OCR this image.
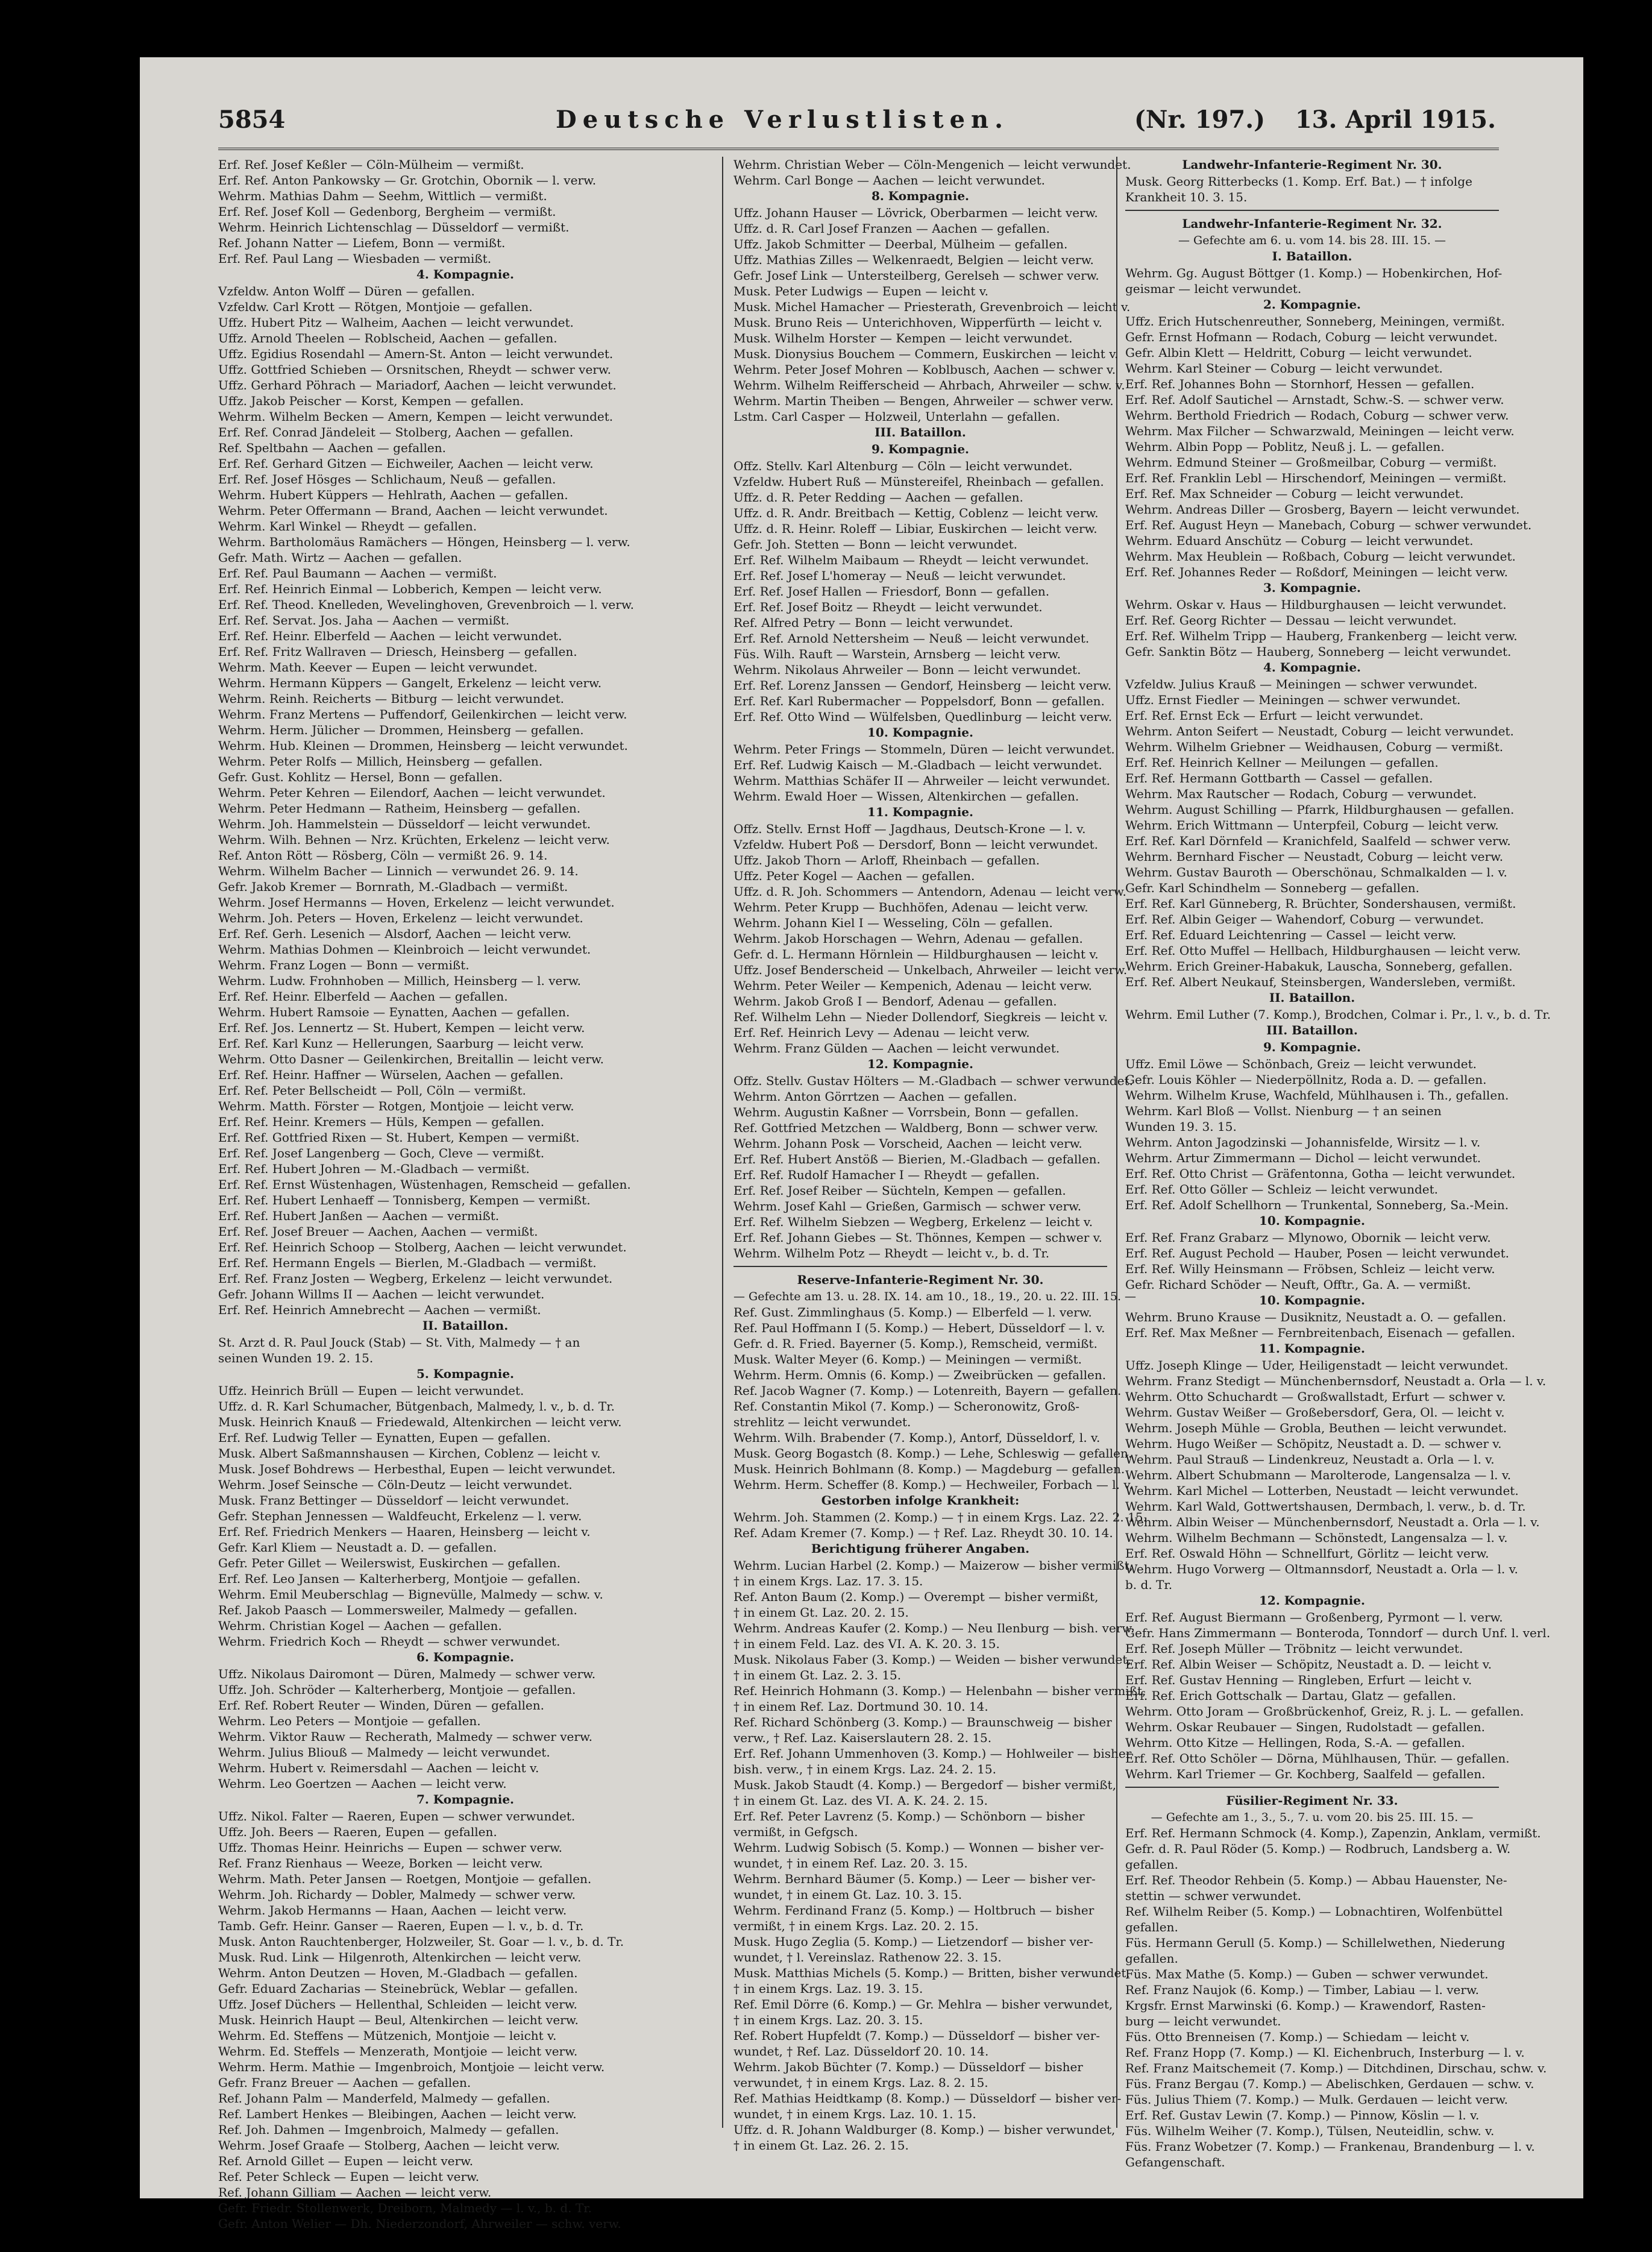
5854	Deutsche Verlustlisten.	(Nr. 197.) 13. April 1915.
Erf. Ref. Josef Keßler — Cöln-Mülheim — vermißt.
Erf. Ref. Anton Pankowsky — Gr. Grotchin, Obornik — l. verw.
Wehrm. Mathias Dahm — Seehm, Wittlich — vermißt.
Erf. Ref. Josef Koll — Gedenborg, Bergheim — vermißt.
Wehrm. Heinrich Lichtenschlag — Düsseldorf — vermißt.
Ref. Johann Natter — Liefem, Bonn — vermißt.
Erf. Ref. Paul Lang — Wiesbaden — vermißt.
4. Kompagnie.
Vzfeldw. Anton Wolff — Düren — gefallen.
Vzfeldw. Carl Krott — Rötgen, Montjoie — gefallen.
Uffz. Hubert Pitz — Walheim, Aachen — leicht verwundet.
Uffz. Arnold Theelen — Roblscheid, Aachen — gefallen.
Uffz. Egidius Rosendahl — Amern-St. Anton — leicht verwundet.
Uffz. Gottfried Schieben — Orsnitschen, Rheydt — schwer verw.
Uffz. Gerhard Pöhrach — Mariadorf, Aachen — leicht verwundet.
Uffz. Jakob Peischer — Korst, Kempen — gefallen.
Wehrm. Wilhelm Becken — Amern, Kempen — leicht verwundet.
Erf. Ref. Conrad Jändeleit — Stolberg, Aachen — gefallen.
Ref. Speltbahn — Aachen — gefallen.
Erf. Ref. Gerhard Gitzen — Eichweiler, Aachen — leicht verw.
Erf. Ref. Josef Hösges — Schlichaum, Neuß — gefallen.
Wehrm. Hubert Küppers — Hehlrath, Aachen — gefallen.
Wehrm. Peter Offermann — Brand, Aachen — leicht verwundet.
Wehrm. Karl Winkel — Rheydt — gefallen.
Wehrm. Bartholomäus Ramächers — Höngen, Heinsberg — l. verw.
Gefr. Math. Wirtz — Aachen — gefallen.
Erf. Ref. Paul Baumann — Aachen — vermißt.
Erf. Ref. Heinrich Einmal — Lobberich, Kempen — leicht verw.
Erf. Ref. Theod. Knelleden, Wevelinghoven, Grevenbroich — l. verw.
Erf. Ref. Servat. Jos. Jaha — Aachen — vermißt.
Erf. Ref. Heinr. Elberfeld — Aachen — leicht verwundet.
Erf. Ref. Fritz Wallraven — Driesch, Heinsberg — gefallen.
Wehrm. Math. Keever — Eupen — leicht verwundet.
Wehrm. Hermann Küppers — Gangelt, Erkelenz — leicht verw.
Wehrm. Reinh. Reicherts — Bitburg — leicht verwundet.
Wehrm. Franz Mertens — Puffendorf, Geilenkirchen — leicht verw.
Wehrm. Herm. Jülicher — Drommen, Heinsberg — gefallen.
Wehrm. Hub. Kleinen — Drommen, Heinsberg — leicht verwundet.
Wehrm. Peter Rolfs — Millich, Heinsberg — gefallen.
Gefr. Gust. Kohlitz — Hersel, Bonn — gefallen.
Wehrm. Peter Kehren — Eilendorf, Aachen — leicht verwundet.
Wehrm. Peter Hedmann — Ratheim, Heinsberg — gefallen.
Wehrm. Joh. Hammelstein — Düsseldorf — leicht verwundet.
Wehrm. Wilh. Behnen — Nrz. Krüchten, Erkelenz — leicht verw.
Ref. Anton Rött — Rösberg, Cöln — vermißt 26. 9. 14.
Wehrm. Wilhelm Bacher — Linnich — verwundet 26. 9. 14.
Gefr. Jakob Kremer — Bornrath, M.-Gladbach — vermißt.
Wehrm. Josef Hermanns — Hoven, Erkelenz — leicht verwundet.
Wehrm. Joh. Peters — Hoven, Erkelenz — leicht verwundet.
Erf. Ref. Gerh. Lesenich — Alsdorf, Aachen — leicht verw.
Wehrm. Mathias Dohmen — Kleinbroich — leicht verwundet.
Wehrm. Franz Logen — Bonn — vermißt.
Wehrm. Ludw. Frohnhoben — Millich, Heinsberg — l. verw.
Erf. Ref. Heinr. Elberfeld — Aachen — gefallen.
Wehrm. Hubert Ramsoie — Eynatten, Aachen — gefallen.
Erf. Ref. Jos. Lennertz — St. Hubert, Kempen — leicht verw.
Erf. Ref. Karl Kunz — Hellerungen, Saarburg — leicht verw.
Wehrm. Otto Dasner — Geilenkirchen, Breitallin — leicht verw.
Erf. Ref. Heinr. Haffner — Würselen, Aachen — gefallen.
Erf. Ref. Peter Bellscheidt — Poll, Cöln — vermißt.
Wehrm. Matth. Förster — Rotgen, Montjoie — leicht verw.
Erf. Ref. Heinr. Kremers — Hüls, Kempen — gefallen.
Erf. Ref. Gottfried Rixen — St. Hubert, Kempen — vermißt.
Erf. Ref. Josef Langenberg — Goch, Cleve — vermißt.
Erf. Ref. Hubert Johren — M.-Gladbach — vermißt.
Erf. Ref. Ernst Wüstenhagen, Wüstenhagen, Remscheid — gefallen.
Erf. Ref. Hubert Lenhaeff — Tonnisberg, Kempen — vermißt.
Erf. Ref. Hubert Janßen — Aachen — vermißt.
Erf. Ref. Josef Breuer — Aachen, Aachen — vermißt.
Erf. Ref. Heinrich Schoop — Stolberg, Aachen — leicht verwundet.
Erf. Ref. Hermann Engels — Bierlen, M.-Gladbach — vermißt.
Erf. Ref. Franz Josten — Wegberg, Erkelenz — leicht verwundet.
Gefr. Johann Willms II — Aachen — leicht verwundet.
Erf. Ref. Heinrich Amnebrecht — Aachen — vermißt.
II. Bataillon.
St. Arzt d. R. Paul Jouck (Stab) — St. Vith, Malmedy — † an
seinen Wunden 19. 2. 15.
5. Kompagnie.
Uffz. Heinrich Brüll — Eupen — leicht verwundet.
Uffz. d. R. Karl Schumacher, Bütgenbach, Malmedy, l. v., b. d. Tr.
Musk. Heinrich Knauß — Friedewald, Altenkirchen — leicht verw.
Erf. Ref. Ludwig Teller — Eynatten, Eupen — gefallen.
Musk. Albert Saßmannshausen — Kirchen, Coblenz — leicht v.
Musk. Josef Bohdrews — Herbesthal, Eupen — leicht verwundet.
Wehrm. Josef Seinsche — Cöln-Deutz — leicht verwundet.
Musk. Franz Bettinger — Düsseldorf — leicht verwundet.
Gefr. Stephan Jennessen — Waldfeucht, Erkelenz — l. verw.
Erf. Ref. Friedrich Menkers — Haaren, Heinsberg — leicht v.
Gefr. Karl Kliem — Neustadt a. D. — gefallen.
Gefr. Peter Gillet — Weilerswist, Euskirchen — gefallen.
Erf. Ref. Leo Jansen — Kalterherberg, Montjoie — gefallen.
Wehrm. Emil Meuberschlag — Bignevülle, Malmedy — schw. v.
Ref. Jakob Paasch — Lommersweiler, Malmedy — gefallen.
Wehrm. Christian Kogel — Aachen — gefallen.
Wehrm. Friedrich Koch — Rheydt — schwer verwundet.
6. Kompagnie.
Uffz. Nikolaus Dairomont — Düren, Malmedy — schwer verw.
Uffz. Joh. Schröder — Kalterherberg, Montjoie — gefallen.
Erf. Ref. Robert Reuter — Winden, Düren — gefallen.
Wehrm. Leo Peters — Montjoie — gefallen.
Wehrm. Viktor Rauw — Recherath, Malmedy — schwer verw.
Wehrm. Julius Bliouß — Malmedy — leicht verwundet.
Wehrm. Hubert v. Reimersdahl — Aachen — leicht v.
Wehrm. Leo Goertzen — Aachen — leicht verw.
7. Kompagnie.
Uffz. Nikol. Falter — Raeren, Eupen — schwer verwundet.
Uffz. Joh. Beers — Raeren, Eupen — gefallen.
Uffz. Thomas Heinr. Heinrichs — Eupen — schwer verw.
Ref. Franz Rienhaus — Weeze, Borken — leicht verw.
Wehrm. Math. Peter Jansen — Roetgen, Montjoie — gefallen.
Wehrm. Joh. Richardy — Dobler, Malmedy — schwer verw.
Wehrm. Jakob Hermanns — Haan, Aachen — leicht verw.
Tamb. Gefr. Heinr. Ganser — Raeren, Eupen — l. v., b. d. Tr.
Musk. Anton Rauchtenberger, Holzweiler, St. Goar — l. v., b. d. Tr.
Musk. Rud. Link — Hilgenroth, Altenkirchen — leicht verw.
Wehrm. Anton Deutzen — Hoven, M.-Gladbach — gefallen.
Gefr. Eduard Zacharias — Steinebrück, Weblar — gefallen.
Uffz. Josef Düchers — Hellenthal, Schleiden — leicht verw.
Musk. Heinrich Haupt — Beul, Altenkirchen — leicht verw.
Wehrm. Ed. Steffens — Mützenich, Montjoie — leicht v.
Wehrm. Ed. Steffels — Menzerath, Montjoie — leicht verw.
Wehrm. Herm. Mathie — Imgenbroich, Montjoie — leicht verw.
Gefr. Franz Breuer — Aachen — gefallen.
Ref. Johann Palm — Manderfeld, Malmedy — gefallen.
Ref. Lambert Henkes — Bleibingen, Aachen — leicht verw.
Ref. Joh. Dahmen — Imgenbroich, Malmedy — gefallen.
Wehrm. Josef Graafe — Stolberg, Aachen — leicht verw.
Ref. Arnold Gillet — Eupen — leicht verw.
Ref. Peter Schleck — Eupen — leicht verw.
Ref. Johann Gilliam — Aachen — leicht verw.
Gefr. Friedr. Stollenwerk, Dreiborn, Malmedy — l. v., b. d. Tr.
Gefr. Anton Welier — Dh. Niederzondorf, Ahrweiler — schw. verw.
Wehrm. Christian Weber — Cöln-Mengenich — leicht verwundet.
Wehrm. Carl Bonge — Aachen — leicht verwundet.
8. Kompagnie.
Uffz. Johann Hauser — Lövrick, Oberbarmen — leicht verw.
Uffz. d. R. Carl Josef Franzen — Aachen — gefallen.
Uffz. Jakob Schmitter — Deerbal, Mülheim — gefallen.
Uffz. Mathias Zilles — Welkenraedt, Belgien — leicht verw.
Gefr. Josef Link — Untersteilberg, Gerelseh — schwer verw.
Musk. Peter Ludwigs — Eupen — leicht v.
Musk. Michel Hamacher — Priesterath, Grevenbroich — leicht v.
Musk. Bruno Reis — Unterichhoven, Wipperfürth — leicht v.
Musk. Wilhelm Horster — Kempen — leicht verwundet.
Musk. Dionysius Bouchem — Commern, Euskirchen — leicht v.
Wehrm. Peter Josef Mohren — Koblbusch, Aachen — schwer v.
Wehrm. Wilhelm Reifferscheid — Ahrbach, Ahrweiler — schw. v.
Wehrm. Martin Theiben — Bengen, Ahrweiler — schwer verw.
Lstm. Carl Casper — Holzweil, Unterlahn — gefallen.
III. Bataillon.
9. Kompagnie.
Offz. Stellv. Karl Altenburg — Cöln — leicht verwundet.
Vzfeldw. Hubert Ruß — Münstereifel, Rheinbach — gefallen.
Uffz. d. R. Peter Redding — Aachen — gefallen.
Uffz. d. R. Andr. Breitbach — Kettig, Coblenz — leicht verw.
Uffz. d. R. Heinr. Roleff — Libiar, Euskirchen — leicht verw.
Gefr. Joh. Stetten — Bonn — leicht verwundet.
Erf. Ref. Wilhelm Maibaum — Rheydt — leicht verwundet.
Erf. Ref. Josef L'homeray — Neuß — leicht verwundet.
Erf. Ref. Josef Hallen — Friesdorf, Bonn — gefallen.
Erf. Ref. Josef Boitz — Rheydt — leicht verwundet.
Ref. Alfred Petry — Bonn — leicht verwundet.
Erf. Ref. Arnold Nettersheim — Neuß — leicht verwundet.
Füs. Wilh. Rauft — Warstein, Arnsberg — leicht verw.
Wehrm. Nikolaus Ahrweiler — Bonn — leicht verwundet.
Erf. Ref. Lorenz Janssen — Gendorf, Heinsberg — leicht verw.
Erf. Ref. Karl Rubermacher — Poppelsdorf, Bonn — gefallen.
Erf. Ref. Otto Wind — Wülfelsben, Quedlinburg — leicht verw.
10. Kompagnie.
Wehrm. Peter Frings — Stommeln, Düren — leicht verwundet.
Erf. Ref. Ludwig Kaisch — M.-Gladbach — leicht verwundet.
Wehrm. Matthias Schäfer II — Ahrweiler — leicht verwundet.
Wehrm. Ewald Hoer — Wissen, Altenkirchen — gefallen.
11. Kompagnie.
Offz. Stellv. Ernst Hoff — Jagdhaus, Deutsch-Krone — l. v.
Vzfeldw. Hubert Poß — Dersdorf, Bonn — leicht verwundet.
Uffz. Jakob Thorn — Arloff, Rheinbach — gefallen.
Uffz. Peter Kogel — Aachen — gefallen.
Uffz. d. R. Joh. Schommers — Antendorn, Adenau — leicht verw.
Wehrm. Peter Krupp — Buchhöfen, Adenau — leicht verw.
Wehrm. Johann Kiel I — Wesseling, Cöln — gefallen.
Wehrm. Jakob Horschagen — Wehrn, Adenau — gefallen.
Gefr. d. L. Hermann Hörnlein — Hildburghausen — leicht v.
Uffz. Josef Benderscheid — Unkelbach, Ahrweiler — leicht verw.
Wehrm. Peter Weiler — Kempenich, Adenau — leicht verw.
Wehrm. Jakob Groß I — Bendorf, Adenau — gefallen.
Ref. Wilhelm Lehn — Nieder Dollendorf, Siegkreis — leicht v.
Erf. Ref. Heinrich Levy — Adenau — leicht verw.
Wehrm. Franz Gülden — Aachen — leicht verwundet.
12. Kompagnie.
Offz. Stellv. Gustav Hölters — M.-Gladbach — schwer verwundet.
Wehrm. Anton Görrtzen — Aachen — gefallen.
Wehrm. Augustin Kaßner — Vorrsbein, Bonn — gefallen.
Ref. Gottfried Metzchen — Waldberg, Bonn — schwer verw.
Wehrm. Johann Posk — Vorscheid, Aachen — leicht verw.
Erf. Ref. Hubert Anstöß — Bierien, M.-Gladbach — gefallen.
Erf. Ref. Rudolf Hamacher I — Rheydt — gefallen.
Erf. Ref. Josef Reiber — Süchteln, Kempen — gefallen.
Wehrm. Josef Kahl — Grießen, Garmisch — schwer verw.
Erf. Ref. Wilhelm Siebzen — Wegberg, Erkelenz — leicht v.
Erf. Ref. Johann Giebes — St. Thönnes, Kempen — schwer v.
Wehrm. Wilhelm Potz — Rheydt — leicht v., b. d. Tr.
Reserve-Infanterie-Regiment Nr. 30.
— Gefechte am 13. u. 28. IX. 14. am 10., 18., 19., 20. u. 22. III. 15. —
Ref. Gust. Zimmlinghaus (5. Komp.) — Elberfeld — l. verw.
Ref. Paul Hoffmann I (5. Komp.) — Hebert, Düsseldorf — l. v.
Gefr. d. R. Fried. Bayerner (5. Komp.), Remscheid, vermißt.
Musk. Walter Meyer (6. Komp.) — Meiningen — vermißt.
Wehrm. Herm. Omnis (6. Komp.) — Zweibrücken — gefallen.
Ref. Jacob Wagner (7. Komp.) — Lotenreith, Bayern — gefallen.
Ref. Constantin Mikol (7. Komp.) — Scheronowitz, Groß-
strehlitz — leicht verwundet.
Wehrm. Wilh. Brabender (7. Komp.), Antorf, Düsseldorf, l. v.
Musk. Georg Bogastch (8. Komp.) — Lehe, Schleswig — gefallen.
Musk. Heinrich Bohlmann (8. Komp.) — Magdeburg — gefallen.
Wehrm. Herm. Scheffer (8. Komp.) — Hechweiler, Forbach — l. v.
Gestorben infolge Krankheit:
Wehrm. Joh. Stammen (2. Komp.) — † in einem Krgs. Laz. 22. 2. 15.
Ref. Adam Kremer (7. Komp.) — † Ref. Laz. Rheydt 30. 10. 14.
Berichtigung früherer Angaben.
Wehrm. Lucian Harbel (2. Komp.) — Maizerow — bisher vermißt,
† in einem Krgs. Laz. 17. 3. 15.
Ref. Anton Baum (2. Komp.) — Overempt — bisher vermißt,
† in einem Gt. Laz. 20. 2. 15.
Wehrm. Andreas Kaufer (2. Komp.) — Neu Ilenburg — bish. verw.
† in einem Feld. Laz. des VI. A. K. 20. 3. 15.
Musk. Nikolaus Faber (3. Komp.) — Weiden — bisher verwundet,
† in einem Gt. Laz. 2. 3. 15.
Ref. Heinrich Hohmann (3. Komp.) — Helenbahn — bisher vermißt,
† in einem Ref. Laz. Dortmund 30. 10. 14.
Ref. Richard Schönberg (3. Komp.) — Braunschweig — bisher
verw., † Ref. Laz. Kaiserslautern 28. 2. 15.
Erf. Ref. Johann Ummenhoven (3. Komp.) — Hohlweiler — bisher
bish. verw., † in einem Krgs. Laz. 24. 2. 15.
Musk. Jakob Staudt (4. Komp.) — Bergedorf — bisher vermißt,
† in einem Gt. Laz. des VI. A. K. 24. 2. 15.
Erf. Ref. Peter Lavrenz (5. Komp.) — Schönborn — bisher
vermißt, in Gefgsch.
Wehrm. Ludwig Sobisch (5. Komp.) — Wonnen — bisher ver-
wundet, † in einem Ref. Laz. 20. 3. 15.
Wehrm. Bernhard Bäumer (5. Komp.) — Leer — bisher ver-
wundet, † in einem Gt. Laz. 10. 3. 15.
Wehrm. Ferdinand Franz (5. Komp.) — Holtbruch — bisher
vermißt, † in einem Krgs. Laz. 20. 2. 15.
Musk. Hugo Zeglia (5. Komp.) — Lietzendorf — bisher ver-
wundet, † l. Vereinslaz. Rathenow 22. 3. 15.
Musk. Matthias Michels (5. Komp.) — Britten, bisher verwundet,
† in einem Krgs. Laz. 19. 3. 15.
Ref. Emil Dörre (6. Komp.) — Gr. Mehlra — bisher verwundet,
† in einem Krgs. Laz. 20. 3. 15.
Ref. Robert Hupfeldt (7. Komp.) — Düsseldorf — bisher ver-
wundet, † Ref. Laz. Düsseldorf 20. 10. 14.
Wehrm. Jakob Büchter (7. Komp.) — Düsseldorf — bisher
verwundet, † in einem Krgs. Laz. 8. 2. 15.
Ref. Mathias Heidtkamp (8. Komp.) — Düsseldorf — bisher ver-
wundet, † in einem Krgs. Laz. 10. 1. 15.
Uffz. d. R. Johann Waldburger (8. Komp.) — bisher verwundet,
† in einem Gt. Laz. 26. 2. 15.
Landwehr-Infanterie-Regiment Nr. 30.
Musk. Georg Ritterbecks (1. Komp. Erf. Bat.) — † infolge
Krankheit 10. 3. 15.
Landwehr-Infanterie-Regiment Nr. 32.
— Gefechte am 6. u. vom 14. bis 28. III. 15. —
I. Bataillon.
Wehrm. Gg. August Böttger (1. Komp.) — Hobenkirchen, Hof-
geismar — leicht verwundet.
2. Kompagnie.
Uffz. Erich Hutschenreuther, Sonneberg, Meiningen, vermißt.
Gefr. Ernst Hofmann — Rodach, Coburg — leicht verwundet.
Gefr. Albin Klett — Heldritt, Coburg — leicht verwundet.
Wehrm. Karl Steiner — Coburg — leicht verwundet.
Erf. Ref. Johannes Bohn — Stornhorf, Hessen — gefallen.
Erf. Ref. Adolf Sautichel — Arnstadt, Schw.-S. — schwer verw.
Wehrm. Berthold Friedrich — Rodach, Coburg — schwer verw.
Wehrm. Max Filcher — Schwarzwald, Meiningen — leicht verw.
Wehrm. Albin Popp — Poblitz, Neuß j. L. — gefallen.
Wehrm. Edmund Steiner — Großmeilbar, Coburg — vermißt.
Erf. Ref. Franklin Lebl — Hirschendorf, Meiningen — vermißt.
Erf. Ref. Max Schneider — Coburg — leicht verwundet.
Wehrm. Andreas Diller — Grosberg, Bayern — leicht verwundet.
Erf. Ref. August Heyn — Manebach, Coburg — schwer verwundet.
Wehrm. Eduard Anschütz — Coburg — leicht verwundet.
Wehrm. Max Heublein — Roßbach, Coburg — leicht verwundet.
Erf. Ref. Johannes Reder — Roßdorf, Meiningen — leicht verw.
3. Kompagnie.
Wehrm. Oskar v. Haus — Hildburghausen — leicht verwundet.
Erf. Ref. Georg Richter — Dessau — leicht verwundet.
Erf. Ref. Wilhelm Tripp — Hauberg, Frankenberg — leicht verw.
Gefr. Sanktin Bötz — Hauberg, Sonneberg — leicht verwundet.
4. Kompagnie.
Vzfeldw. Julius Krauß — Meiningen — schwer verwundet.
Uffz. Ernst Fiedler — Meiningen — schwer verwundet.
Erf. Ref. Ernst Eck — Erfurt — leicht verwundet.
Wehrm. Anton Seifert — Neustadt, Coburg — leicht verwundet.
Wehrm. Wilhelm Griebner — Weidhausen, Coburg — vermißt.
Erf. Ref. Heinrich Kellner — Meilungen — gefallen.
Erf. Ref. Hermann Gottbarth — Cassel — gefallen.
Wehrm. Max Rautscher — Rodach, Coburg — verwundet.
Wehrm. August Schilling — Pfarrk, Hildburghausen — gefallen.
Wehrm. Erich Wittmann — Unterpfeil, Coburg — leicht verw.
Erf. Ref. Karl Dörnfeld — Kranichfeld, Saalfeld — schwer verw.
Wehrm. Bernhard Fischer — Neustadt, Coburg — leicht verw.
Wehrm. Gustav Bauroth — Oberschönau, Schmalkalden — l. v.
Gefr. Karl Schindhelm — Sonneberg — gefallen.
Erf. Ref. Karl Günneberg, R. Brüchter, Sondershausen, vermißt.
Erf. Ref. Albin Geiger — Wahendorf, Coburg — verwundet.
Erf. Ref. Eduard Leichtenring — Cassel — leicht verw.
Erf. Ref. Otto Muffel — Hellbach, Hildburghausen — leicht verw.
Wehrm. Erich Greiner-Habakuk, Lauscha, Sonneberg, gefallen.
Erf. Ref. Albert Neukauf, Steinsbergen, Wandersleben, vermißt.
II. Bataillon.
Wehrm. Emil Luther (7. Komp.), Brodchen, Colmar i. Pr., l. v., b. d. Tr.
III. Bataillon.
9. Kompagnie.
Uffz. Emil Löwe — Schönbach, Greiz — leicht verwundet.
Gefr. Louis Köhler — Niederpöllnitz, Roda a. D. — gefallen.
Wehrm. Wilhelm Kruse, Wachfeld, Mühlhausen i. Th., gefallen.
Wehrm. Karl Bloß — Vollst. Nienburg — † an seinen
Wunden 19. 3. 15.
Wehrm. Anton Jagodzinski — Johannisfelde, Wirsitz — l. v.
Wehrm. Artur Zimmermann — Dichol — leicht verwundet.
Erf. Ref. Otto Christ — Gräfentonna, Gotha — leicht verwundet.
Erf. Ref. Otto Göller — Schleiz — leicht verwundet.
Erf. Ref. Adolf Schellhorn — Trunkental, Sonneberg, Sa.-Mein.
10. Kompagnie.
Erf. Ref. Franz Grabarz — Mlynowo, Obornik — leicht verw.
Erf. Ref. August Pechold — Hauber, Posen — leicht verwundet.
Erf. Ref. Willy Heinsmann — Fröbsen, Schleiz — leicht verw.
Gefr. Richard Schöder — Neuft, Offtr., Ga. A. — vermißt.
10. Kompagnie.
Wehrm. Bruno Krause — Dusiknitz, Neustadt a. O. — gefallen.
Erf. Ref. Max Meßner — Fernbreitenbach, Eisenach — gefallen.
11. Kompagnie.
Uffz. Joseph Klinge — Uder, Heiligenstadt — leicht verwundet.
Wehrm. Franz Stedigt — Münchenbernsdorf, Neustadt a. Orla — l. v.
Wehrm. Otto Schuchardt — Großwallstadt, Erfurt — schwer v.
Wehrm. Gustav Weißer — Großebersdorf, Gera, Ol. — leicht v.
Wehrm. Joseph Mühle — Grobla, Beuthen — leicht verwundet.
Wehrm. Hugo Weißer — Schöpitz, Neustadt a. D. — schwer v.
Wehrm. Paul Strauß — Lindenkreuz, Neustadt a. Orla — l. v.
Wehrm. Albert Schubmann — Marolterode, Langensalza — l. v.
Wehrm. Karl Michel — Lotterben, Neustadt — leicht verwundet.
Wehrm. Karl Wald, Gottwertshausen, Dermbach, l. verw., b. d. Tr.
Wehrm. Albin Weiser — Münchenbernsdorf, Neustadt a. Orla — l. v.
Wehrm. Wilhelm Bechmann — Schönstedt, Langensalza — l. v.
Erf. Ref. Oswald Höhn — Schnellfurt, Görlitz — leicht verw.
Wehrm. Hugo Vorwerg — Oltmannsdorf, Neustadt a. Orla — l. v.
b. d. Tr.
12. Kompagnie.
Erf. Ref. August Biermann — Großenberg, Pyrmont — l. verw.
Gefr. Hans Zimmermann — Bonteroda, Tonndorf — durch Unf. l. verl.
Erf. Ref. Joseph Müller — Tröbnitz — leicht verwundet.
Erf. Ref. Albin Weiser — Schöpitz, Neustadt a. D. — leicht v.
Erf. Ref. Gustav Henning — Ringleben, Erfurt — leicht v.
Erf. Ref. Erich Gottschalk — Dartau, Glatz — gefallen.
Wehrm. Otto Joram — Großbrückenhof, Greiz, R. j. L. — gefallen.
Wehrm. Oskar Reubauer — Singen, Rudolstadt — gefallen.
Wehrm. Otto Kitze — Hellingen, Roda, S.-A. — gefallen.
Erf. Ref. Otto Schöler — Dörna, Mühlhausen, Thür. — gefallen.
Wehrm. Karl Triemer — Gr. Kochberg, Saalfeld — gefallen.
Füsilier-Regiment Nr. 33.
— Gefechte am 1., 3., 5., 7. u. vom 20. bis 25. III. 15. —
Erf. Ref. Hermann Schmock (4. Komp.), Zapenzin, Anklam, vermißt.
Gefr. d. R. Paul Röder (5. Komp.) — Rodbruch, Landsberg a. W.
gefallen.
Erf. Ref. Theodor Rehbein (5. Komp.) — Abbau Hauenster, Ne-
stettin — schwer verwundet.
Ref. Wilhelm Reiber (5. Komp.) — Lobnachtiren, Wolfenbüttel
gefallen.
Füs. Hermann Gerull (5. Komp.) — Schillelwethen, Niederung
gefallen.
Füs. Max Mathe (5. Komp.) — Guben — schwer verwundet.
Ref. Franz Naujok (6. Komp.) — Timber, Labiau — l. verw.
Krgsfr. Ernst Marwinski (6. Komp.) — Krawendorf, Rasten-
burg — leicht verwundet.
Füs. Otto Brenneisen (7. Komp.) — Schiedam — leicht v.
Ref. Franz Hopp (7. Komp.) — Kl. Eichenbruch, Insterburg — l. v.
Ref. Franz Maitschemeit (7. Komp.) — Ditchdinen, Dirschau, schw. v.
Füs. Franz Bergau (7. Komp.) — Abelischken, Gerdauen — schw. v.
Füs. Julius Thiem (7. Komp.) — Mulk. Gerdauen — leicht verw.
Erf. Ref. Gustav Lewin (7. Komp.) — Pinnow, Köslin — l. v.
Füs. Wilhelm Weiher (7. Komp.), Tülsen, Neuteidlin, schw. v.
Füs. Franz Wobetzer (7. Komp.) — Frankenau, Brandenburg — l. v.
Gefangenschaft.
